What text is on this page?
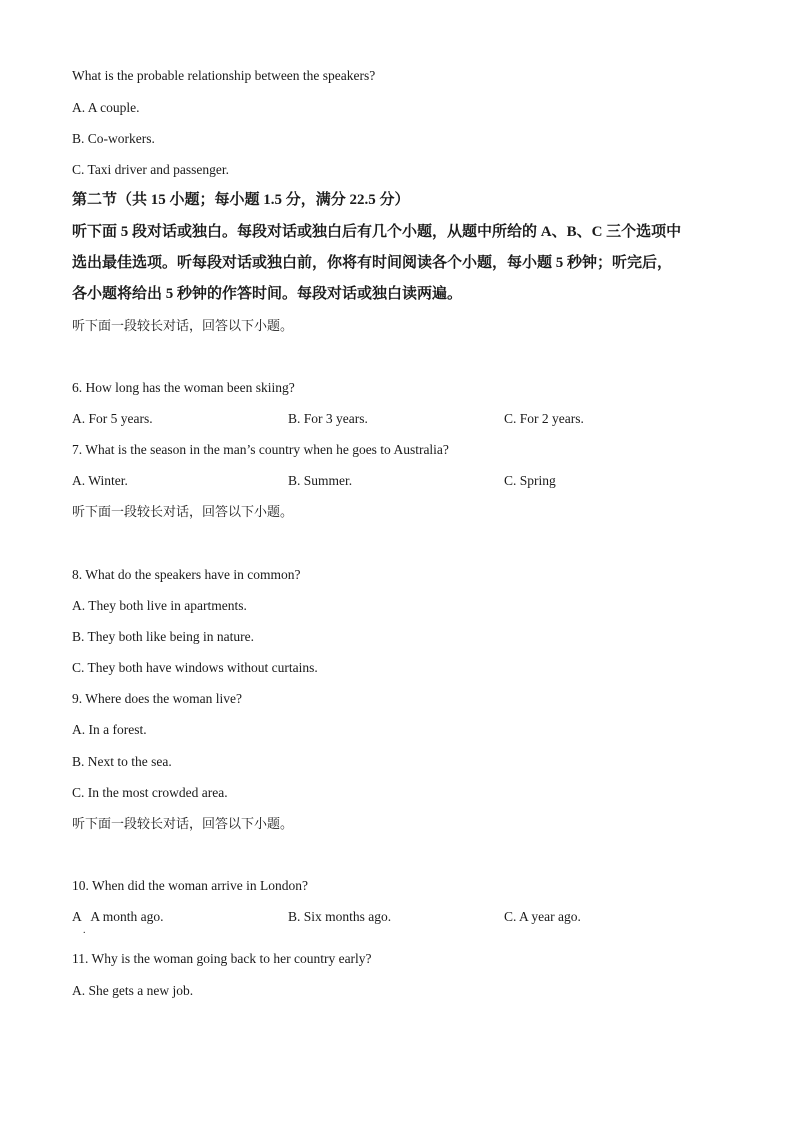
What is the probable relationship between the speakers?
A. A couple.
B. Co-workers.
C. Taxi driver and passenger.
第二节（共 15 小题；每小题 1.5 分，满分 22.5 分）
听下面 5 段对话或独白。每段对话或独白后有几个小题，从题中所给的 A、B、C 三个选项中
选出最佳选项。听每段对话或独白前，你将有时间阅读各个小题，每小题 5 秒钟；听完后，
各小题将给出 5 秒钟的作答时间。每段对话或独白读两遍。
听下面一段较长对话，回答以下小题。
6. How long has the woman been skiing?
A. For 5 years.	B. For 3 years.	C. For 2 years.
7. What is the season in the man’s country when he goes to Australia?
A. Winter.	B. Summer.	C. Spring
听下面一段较长对话，回答以下小题。
8. What do the speakers have in common?
A. They both live in apartments.
B. They both like being in nature.
C. They both have windows without curtains.
9. Where does the woman live?
A. In a forest.
B. Next to the sea.
C. In the most crowded area.
听下面一段较长对话，回答以下小题。
10. When did the woman arrive in London?
A   A month ago.	B. Six months ago.	C. A year ago.
.
11. Why is the woman going back to her country early?
A. She gets a new job.
